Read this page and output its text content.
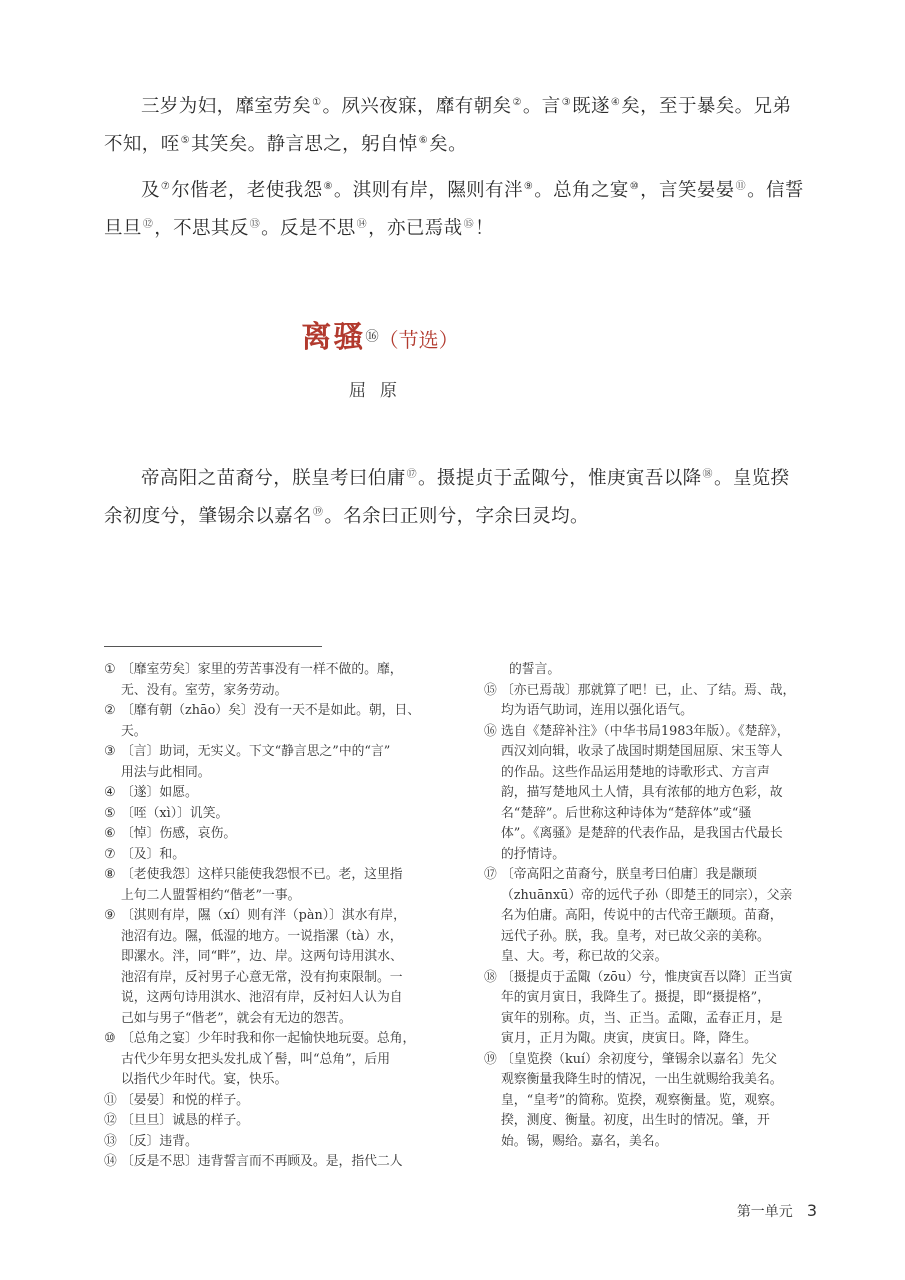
三岁为妇，靡室劳矣①。夙兴夜寐，靡有朝矣②。言③既遂④矣，至于暴矣。兄弟不知，咥⑤其笑矣。静言思之，躬自悼⑥矣。

及⑦尔偕老，老使我怨⑧。淇则有岸，隰则有泮⑨。总角之宴⑩，言笑晏晏⑪。信誓旦旦⑫，不思其反⑬。反是不思⑭，亦已焉哉⑮！

离骚⑯（节选）
屈原

帝高阳之苗裔兮，朕皇考曰伯庸⑰。摄提贞于孟陬兮，惟庚寅吾以降⑱。皇览揆余初度兮，肇锡余以嘉名⑲。名余曰正则兮，字余曰灵均。

① 〔靡室劳矣〕家里的劳苦事没有一样不做的。靡，
无、没有。室劳，家务劳动。
② 〔靡有朝（zhāo）矣〕没有一天不是如此。朝，日、天。
③ 〔言〕助词，无实义。下文“静言思之”中的“言”
用法与此相同。
④ 〔遂〕如愿。
⑤ 〔咥（xì）〕讥笑。
⑥ 〔悼〕伤感，哀伤。
⑦ 〔及〕和。
⑧ 〔老使我怨〕这样只能使我怨恨不已。老，这里指
上句二人盟誓相约“偕老”一事。
⑨ 〔淇则有岸，隰（xí）则有泮（pàn）〕淇水有岸，
池沼有边。隰，低湿的地方。一说指漯（tà）水，
即漯水。泮，同“畔”，边、岸。这两句诗用淇水、
池沼有岸，反衬男子心意无常，没有拘束限制。一
说，这两句诗用淇水、池沼有岸，反衬妇人认为自
己如与男子“偕老”，就会有无边的怨苦。
⑩ 〔总角之宴〕少年时我和你一起愉快地玩耍。总角，
古代少年男女把头发扎成丫髻，叫“总角”，后用
以指代少年时代。宴，快乐。
⑪ 〔晏晏〕和悦的样子。
⑫ 〔旦旦〕诚恳的样子。
⑬ 〔反〕违背。
⑭ 〔反是不思〕违背誓言而不再顾及。是，指代二人

的誓言。

⑮ 〔亦已焉哉〕那就算了吧！已，止、了结。焉、哉，
均为语气助词，连用以强化语气。
⑯ 选自《楚辞补注》（中华书局1983年版）。《楚辞》，
西汉刘向辑，收录了战国时期楚国屈原、宋玉等人
的作品。这些作品运用楚地的诗歌形式、方言声
韵，描写楚地风土人情，具有浓郁的地方色彩，故
名“楚辞”。后世称这种诗体为“楚辞体”或“骚
体”。《离骚》是楚辞的代表作品，是我国古代最长
的抒情诗。
⑰ 〔帝高阳之苗裔兮，朕皇考曰伯庸〕我是颛顼
（zhuānxū）帝的远代子孙（即楚王的同宗），父亲
名为伯庸。高阳，传说中的古代帝王颛顼。苗裔，
远代子孙。朕，我。皇考，对已故父亲的美称。
皇、大。考，称已故的父亲。
⑱ 〔摄提贞于孟陬（zōu）兮，惟庚寅吾以降〕正当寅
年的寅月寅日，我降生了。摄提，即“摄提格”，
寅年的别称。贞，当、正当。孟陬，孟春正月，是
寅月，正月为陬。庚寅，庚寅日。降，降生。
⑲ 〔皇览揆（kuí）余初度兮，肇锡余以嘉名〕先父
观察衡量我降生时的情况，一出生就赐给我美名。
皇，“皇考”的简称。览揆，观察衡量。览，观察。
揆，测度、衡量。初度，出生时的情况。肇，开
始。锡，赐给。嘉名，美名。
第一单元 3
